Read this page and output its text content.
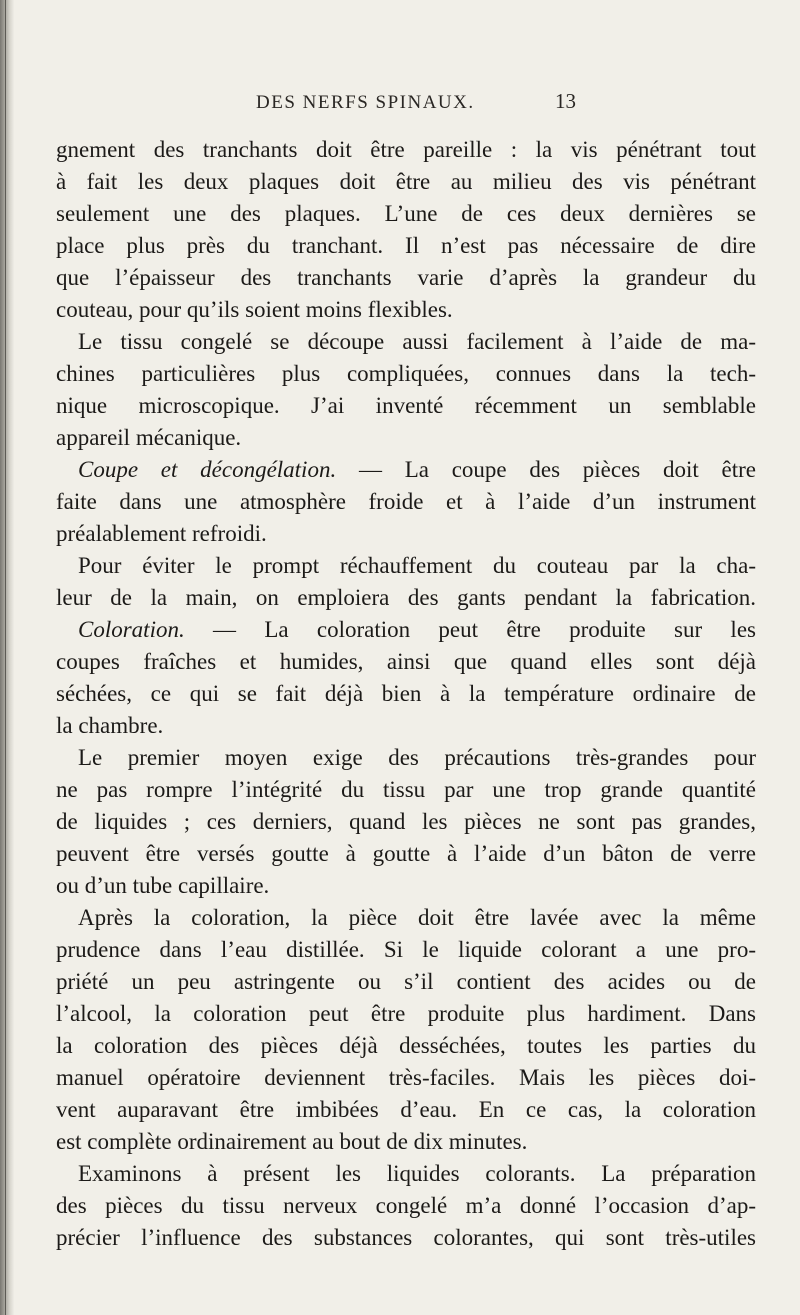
DES NERFS SPINAUX.	13
gnement des tranchants doit être pareille : la vis pénétrant tout
à fait les deux plaques doit être au milieu des vis pénétrant
seulement une des plaques. L’une de ces deux dernières se
place plus près du tranchant. Il n’est pas nécessaire de dire
que l’épaisseur des tranchants varie d’après la grandeur du
couteau, pour qu’ils soient moins flexibles.
Le tissu congelé se découpe aussi facilement à l’aide de ma-
chines particulières plus compliquées, connues dans la tech-
nique microscopique. J’ai inventé récemment un semblable
appareil mécanique.
Coupe et décongélation. — La coupe des pièces doit être
faite dans une atmosphère froide et à l’aide d’un instrument
préalablement refroidi.
Pour éviter le prompt réchauffement du couteau par la cha-
leur de la main, on emploiera des gants pendant la fabrication.
Coloration. — La coloration peut être produite sur les
coupes fraîches et humides, ainsi que quand elles sont déjà
séchées, ce qui se fait déjà bien à la température ordinaire de
la chambre.
Le premier moyen exige des précautions très-grandes pour
ne pas rompre l’intégrité du tissu par une trop grande quantité
de liquides ; ces derniers, quand les pièces ne sont pas grandes,
peuvent être versés goutte à goutte à l’aide d’un bâton de verre
ou d’un tube capillaire.
Après la coloration, la pièce doit être lavée avec la même
prudence dans l’eau distillée. Si le liquide colorant a une pro-
priété un peu astringente ou s’il contient des acides ou de
l’alcool, la coloration peut être produite plus hardiment. Dans
la coloration des pièces déjà desséchées, toutes les parties du
manuel opératoire deviennent très-faciles. Mais les pièces doi-
vent auparavant être imbibées d’eau. En ce cas, la coloration
est complète ordinairement au bout de dix minutes.
Examinons à présent les liquides colorants. La préparation
des pièces du tissu nerveux congelé m’a donné l’occasion d’ap-
précier l’influence des substances colorantes, qui sont très-utiles
